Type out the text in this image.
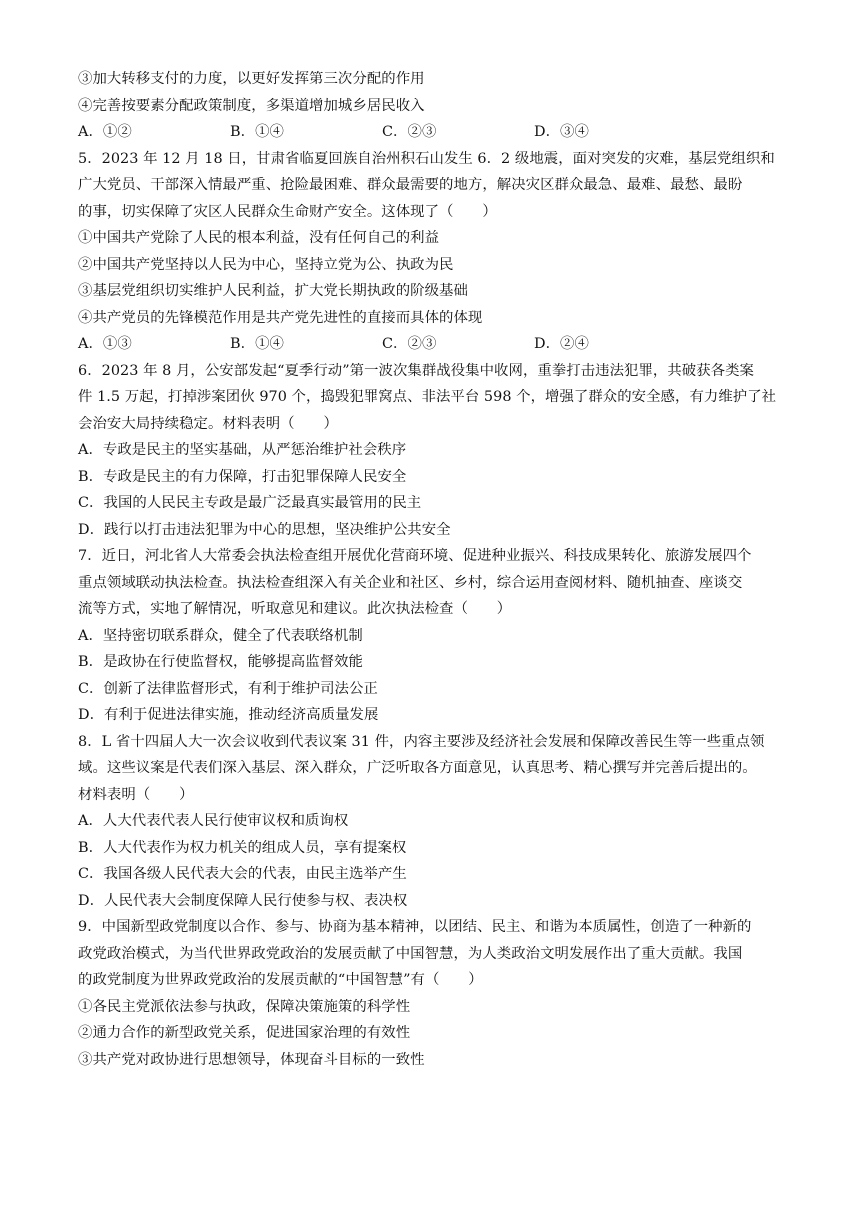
③加大转移支付的力度，以更好发挥第三次分配的作用
④完善按要素分配政策制度，多渠道增加城乡居民收入
A．①②	B．①④	C．②③	D．③④
5．2023 年 12 月 18 日，甘肃省临夏回族自治州积石山发生 6．2 级地震，面对突发的灾难，基层党组织和
广大党员、干部深入情最严重、抢险最困难、群众最需要的地方，解决灾区群众最急、最难、最愁、最盼
的事，切实保障了灾区人民群众生命财产安全。这体现了（　　）
①中国共产党除了人民的根本利益，没有任何自己的利益
②中国共产党坚持以人民为中心，坚持立党为公、执政为民
③基层党组织切实维护人民利益，扩大党长期执政的阶级基础
④共产党员的先锋模范作用是共产党先进性的直接而具体的体现
A．①③	B．①④	C．②③	D．②④
6．2023 年 8 月，公安部发起“夏季行动”第一波次集群战役集中收网，重拳打击违法犯罪，共破获各类案
件 1.5 万起，打掉涉案团伙 970 个，捣毁犯罪窝点、非法平台 598 个，增强了群众的安全感，有力维护了社
会治安大局持续稳定。材料表明（　　）
A．专政是民主的坚实基础，从严惩治维护社会秩序
B．专政是民主的有力保障，打击犯罪保障人民安全
C．我国的人民民主专政是最广泛最真实最管用的民主
D．践行以打击违法犯罪为中心的思想，坚决维护公共安全
7．近日，河北省人大常委会执法检查组开展优化营商环境、促进种业振兴、科技成果转化、旅游发展四个
重点领域联动执法检查。执法检查组深入有关企业和社区、乡村，综合运用查阅材料、随机抽查、座谈交
流等方式，实地了解情况，听取意见和建议。此次执法检查（　　）
A．坚持密切联系群众，健全了代表联络机制
B．是政协在行使监督权，能够提高监督效能
C．创新了法律监督形式，有利于维护司法公正
D．有利于促进法律实施，推动经济高质量发展
8．L 省十四届人大一次会议收到代表议案 31 件，内容主要涉及经济社会发展和保障改善民生等一些重点领
域。这些议案是代表们深入基层、深入群众，广泛听取各方面意见，认真思考、精心撰写并完善后提出的。
材料表明（　　）
A．人大代表代表人民行使审议权和质询权
B．人大代表作为权力机关的组成人员，享有提案权
C．我国各级人民代表大会的代表，由民主选举产生
D．人民代表大会制度保障人民行使参与权、表决权
9．中国新型政党制度以合作、参与、协商为基本精神，以团结、民主、和谐为本质属性，创造了一种新的
政党政治模式，为当代世界政党政治的发展贡献了中国智慧，为人类政治文明发展作出了重大贡献。我国
的政党制度为世界政党政治的发展贡献的“中国智慧”有（　　）
①各民主党派依法参与执政，保障决策施策的科学性
②通力合作的新型政党关系，促进国家治理的有效性
③共产党对政协进行思想领导，体现奋斗目标的一致性
